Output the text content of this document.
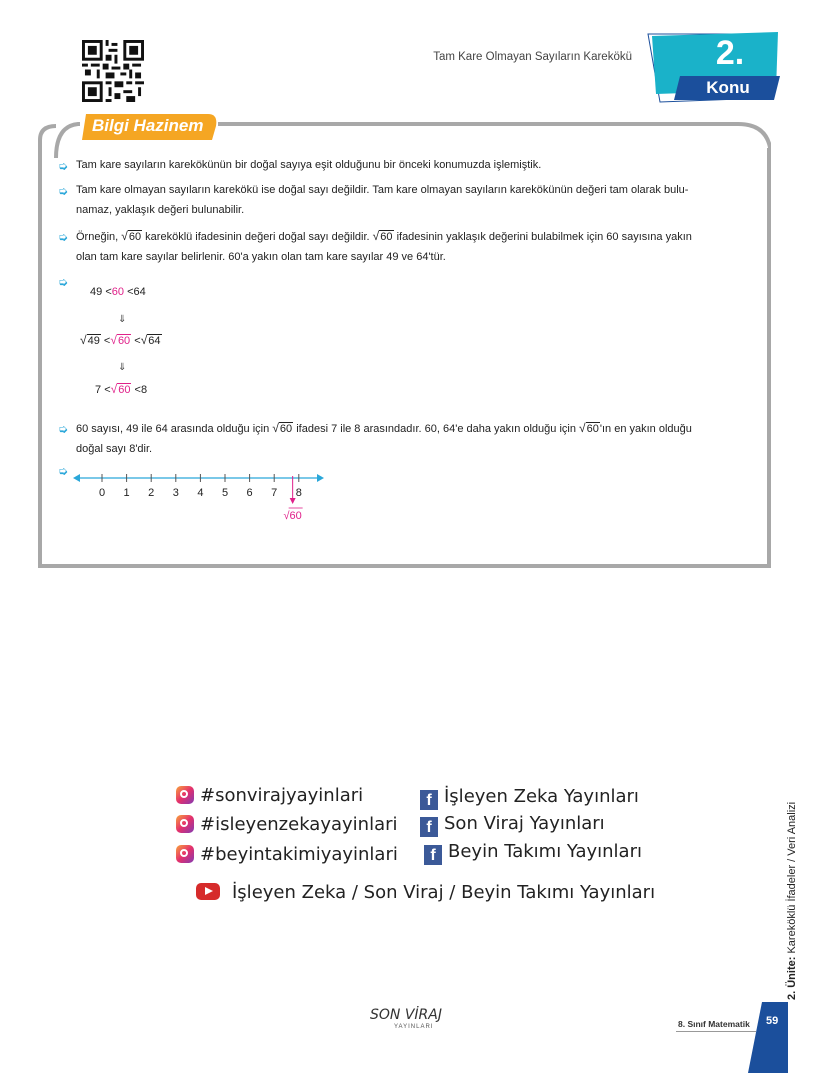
Tam Kare Olmayan Sayıların Karekökü	2.
Konu
Bilgi Hazinem
➭ Tam kare sayıların karekökünün bir doğal sayıya eşit olduğunu bir önceki konumuzda işlemiştik.
➭ Tam kare olmayan sayıların karekökü ise doğal sayı değildir. Tam kare olmayan sayıların karekökünün değeri tam olarak bulu-
namaz, yaklaşık değeri bulunabilir.
➭ Örneğin, √60 kareköklü ifadesinin değeri doğal sayı değildir. √60 ifadesinin yaklaşık değerini bulabilmek için 60 sayısına yakın
olan tam kare sayılar belirlenir. 60'a yakın olan tam kare sayılar 49 ve 64'tür.
➭
49 <60 <64
⇓
√49 <√60 <√64
⇓
7 <√60 <8
➭ 60 sayısı, 49 ile 64 arasında olduğu için √60 ifadesi 7 ile 8 arasındadır. 60, 64'e daha yakın olduğu için √60'ın en yakın olduğu
doğal sayı 8'dir.
➭
0 1 2 3 4 5 6 7 8
√60
#sonvirajyayinlari
#isleyenzekayayinlari
#beyintakimiyayinlari
f İşleyen Zeka Yayınları
f Son Viraj Yayınları
f Beyin Takımı Yayınları
İşleyen Zeka / Son Viraj / Beyin Takımı Yayınları
2. Ünite: Kareköklü İfadeler / Veri Analizi
SON VİRAJ
YAYINLARI	8. Sınıf Matematik 59
